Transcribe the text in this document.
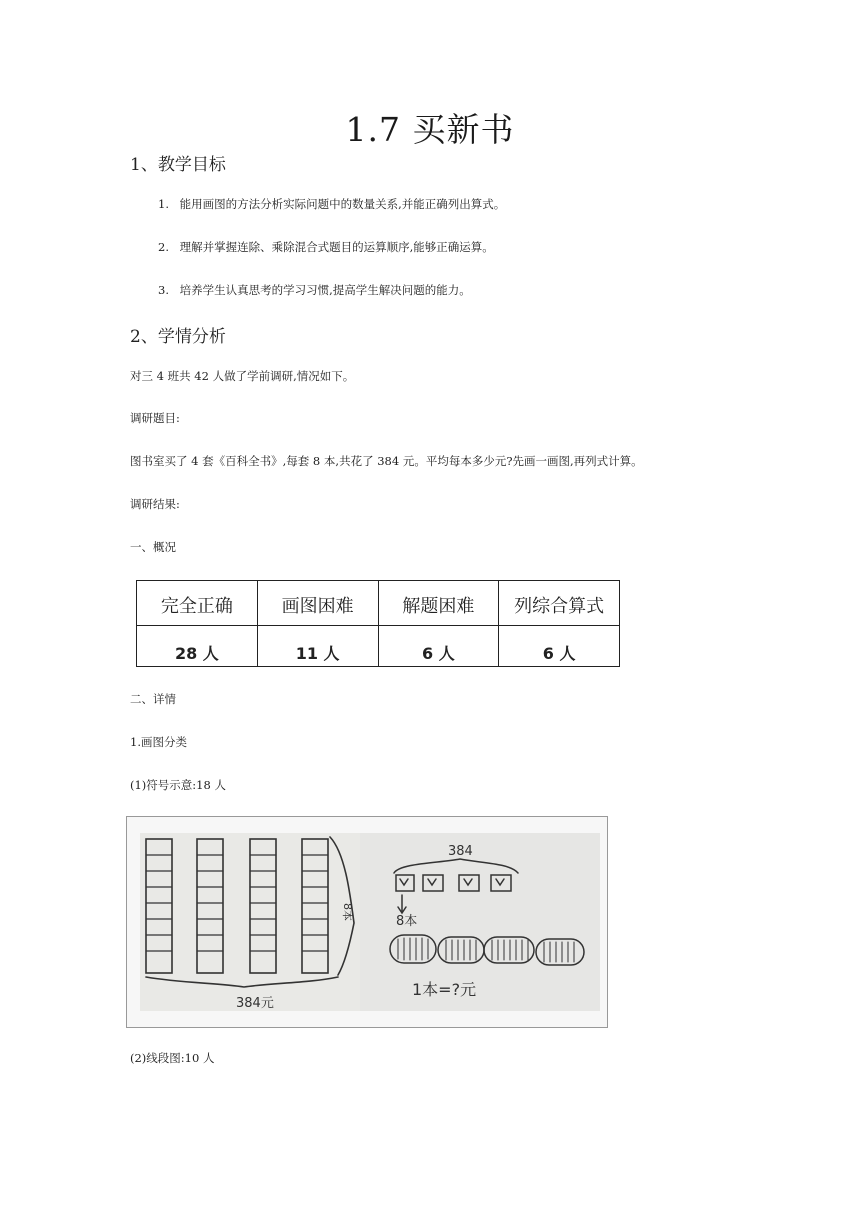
1.7 买新书
1、教学目标
1. 能用画图的方法分析实际问题中的数量关系,并能正确列出算式。
2. 理解并掌握连除、乘除混合式题目的运算顺序,能够正确运算。
3. 培养学生认真思考的学习习惯,提高学生解决问题的能力。
2、学情分析
对三 4 班共 42 人做了学前调研,情况如下。
调研题目:
图书室买了 4 套《百科全书》,每套 8 本,共花了 384 元。平均每本多少元?先画一画图,再列式计算。
调研结果:
一、概况
完全正确	画图困难	解题困难	列综合算式
28 人	11 人	6 人	6 人
二、详情
1.画图分类
(1)符号示意:18 人
384元
8本
384
8本
1本=?元
(2)线段图:10 人
